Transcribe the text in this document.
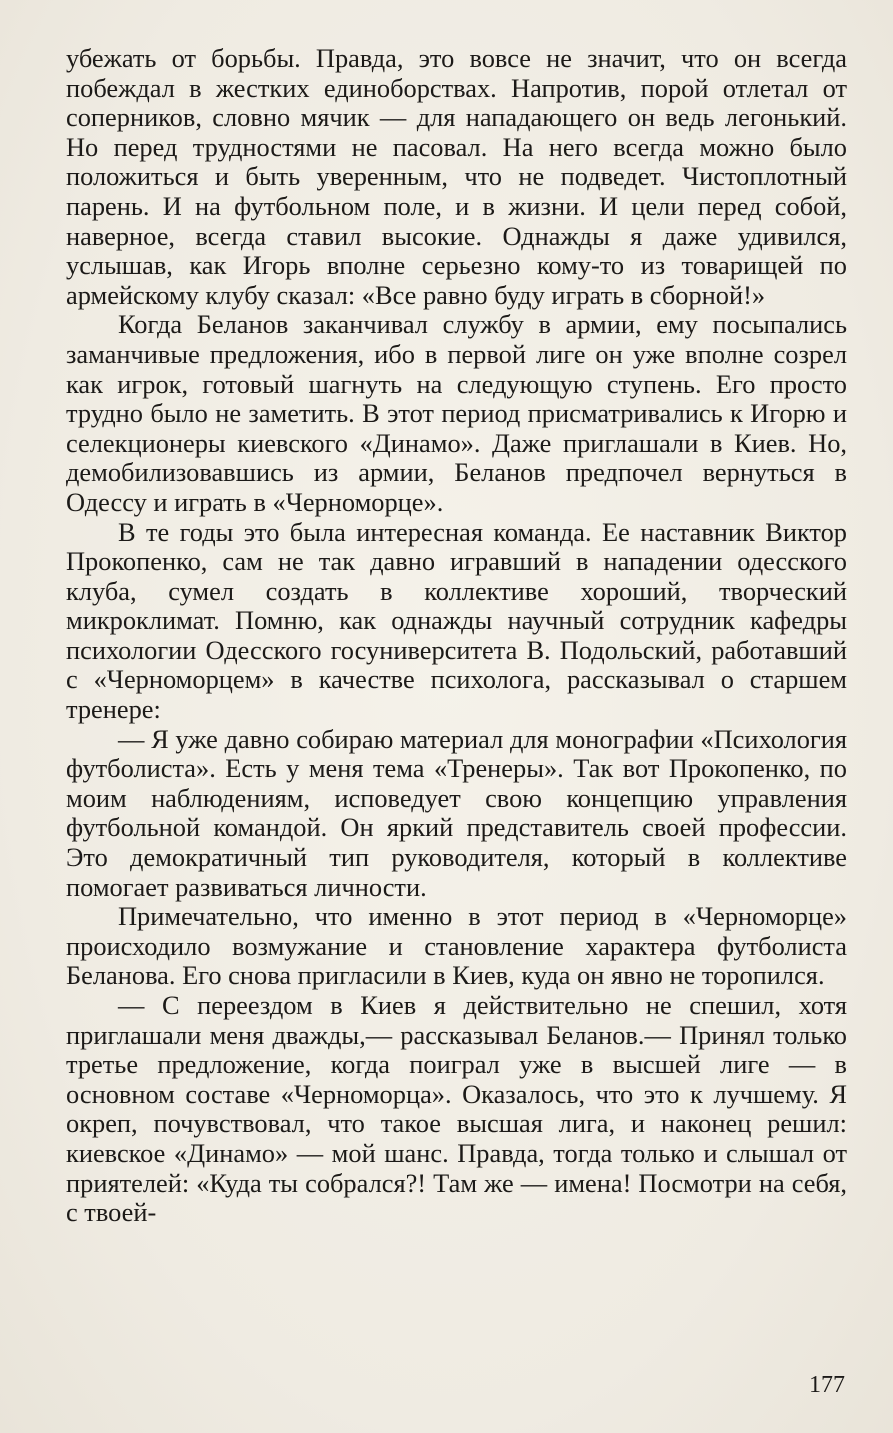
убежать от борьбы. Правда, это вовсе не значит, что он всегда побеждал в жестких единоборствах. Напротив, порой отлетал от соперников, словно мячик — для нападающего он ведь легонький. Но перед трудностями не пасовал. На него всегда можно было положиться и быть уверенным, что не подведет. Чистоплотный парень. И на футбольном поле, и в жизни. И цели перед собой, наверное, всегда ставил высокие. Однажды я даже удивился, услышав, как Игорь вполне серьезно кому-то из товарищей по армейскому клубу сказал: «Все равно буду играть в сборной!»

Когда Беланов заканчивал службу в армии, ему посыпались заманчивые предложения, ибо в первой лиге он уже вполне созрел как игрок, готовый шагнуть на следующую ступень. Его просто трудно было не заметить. В этот период присматривались к Игорю и селекционеры киевского «Динамо». Даже приглашали в Киев. Но, демобилизовавшись из армии, Беланов предпочел вернуться в Одессу и играть в «Черноморце».

В те годы это была интересная команда. Ее наставник Виктор Прокопенко, сам не так давно игравший в нападении одесского клуба, сумел создать в коллективе хороший, творческий микроклимат. Помню, как однажды научный сотрудник кафедры психологии Одесского госуниверситета В. Подольский, работавший с «Черноморцем» в качестве психолога, рассказывал о старшем тренере:

— Я уже давно собираю материал для монографии «Психология футболиста». Есть у меня тема «Тренеры». Так вот Прокопенко, по моим наблюдениям, исповедует свою концепцию управления футбольной командой. Он яркий представитель своей профессии. Это демократичный тип руководителя, который в коллективе помогает развиваться личности.

Примечательно, что именно в этот период в «Черноморце» происходило возмужание и становление характера футболиста Беланова. Его снова пригласили в Киев, куда он явно не торопился.

— С переездом в Киев я действительно не спешил, хотя приглашали меня дважды,— рассказывал Беланов.— Принял только третье предложение, когда поиграл уже в высшей лиге — в основном составе «Черноморца». Оказалось, что это к лучшему. Я окреп, почувствовал, что такое высшая лига, и наконец решил: киевское «Динамо» — мой шанс. Правда, тогда только и слышал от приятелей: «Куда ты собрался?! Там же — имена! Посмотри на себя, с твоей-

177
